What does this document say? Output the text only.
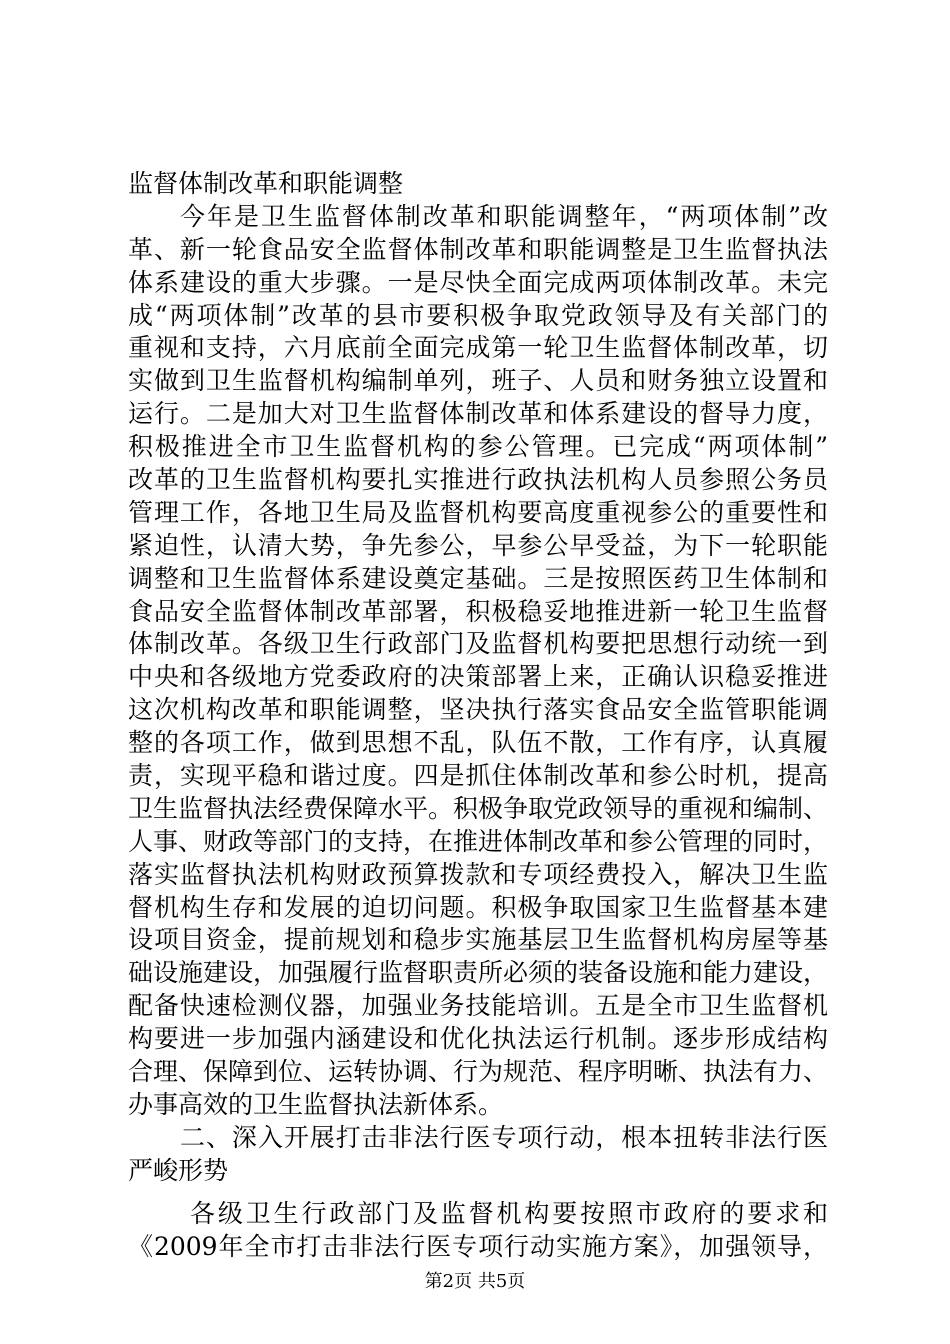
监督体制改革和职能调整
今年是卫生监督体制改革和职能调整年，“两项体制”改
革、新一轮食品安全监督体制改革和职能调整是卫生监督执法
体系建设的重大步骤。一是尽快全面完成两项体制改革。未完
成“两项体制”改革的县市要积极争取党政领导及有关部门的
重视和支持，六月底前全面完成第一轮卫生监督体制改革，切
实做到卫生监督机构编制单列，班子、人员和财务独立设置和
运行。二是加大对卫生监督体制改革和体系建设的督导力度，
积极推进全市卫生监督机构的参公管理。已完成“两项体制”
改革的卫生监督机构要扎实推进行政执法机构人员参照公务员
管理工作，各地卫生局及监督机构要高度重视参公的重要性和
紧迫性，认清大势，争先参公，早参公早受益，为下一轮职能
调整和卫生监督体系建设奠定基础。三是按照医药卫生体制和
食品安全监督体制改革部署，积极稳妥地推进新一轮卫生监督
体制改革。各级卫生行政部门及监督机构要把思想行动统一到
中央和各级地方党委政府的决策部署上来，正确认识稳妥推进
这次机构改革和职能调整，坚决执行落实食品安全监管职能调
整的各项工作，做到思想不乱，队伍不散，工作有序，认真履
责，实现平稳和谐过度。四是抓住体制改革和参公时机，提高
卫生监督执法经费保障水平。积极争取党政领导的重视和编制、
人事、财政等部门的支持，在推进体制改革和参公管理的同时，
落实监督执法机构财政预算拨款和专项经费投入，解决卫生监
督机构生存和发展的迫切问题。积极争取国家卫生监督基本建
设项目资金，提前规划和稳步实施基层卫生监督机构房屋等基
础设施建设，加强履行监督职责所必须的装备设施和能力建设，
配备快速检测仪器，加强业务技能培训。五是全市卫生监督机
构要进一步加强内涵建设和优化执法运行机制。逐步形成结构
合理、保障到位、运转协调、行为规范、程序明晰、执法有力、
办事高效的卫生监督执法新体系。
二、深入开展打击非法行医专项行动，根本扭转非法行医
严峻形势
各级卫生行政部门及监督机构要按照市政府的要求和
《2009年全市打击非法行医专项行动实施方案》，加强领导，
第2页 共5页
